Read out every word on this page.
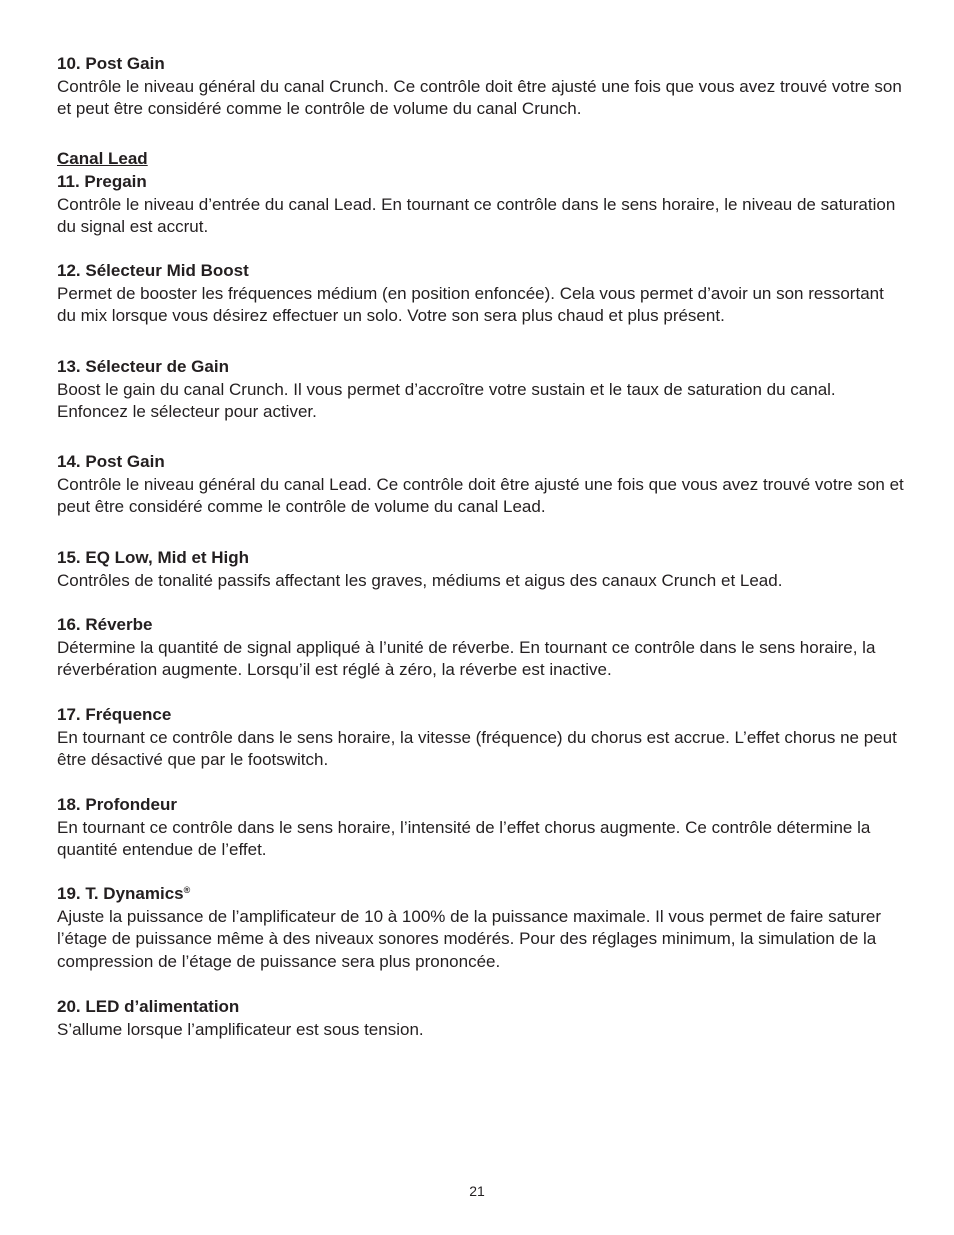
10. Post Gain

Contrôle le niveau général du canal Crunch. Ce contrôle doit être ajusté une fois que vous avez trouvé votre son et peut être considéré comme le contrôle de volume du canal Crunch.

Canal Lead

11. Pregain

Contrôle le niveau d’entrée du canal Lead. En tournant ce contrôle dans le sens horaire, le niveau de saturation du signal est accrut.

12. Sélecteur Mid Boost

Permet de booster les fréquences médium (en position enfoncée). Cela vous permet d’avoir un son ressortant du mix lorsque vous désirez effectuer un solo. Votre son sera plus chaud et plus présent.

13. Sélecteur de Gain

Boost le gain du canal Crunch. Il vous permet d’accroître votre sustain et le taux de saturation du canal. Enfoncez le sélecteur pour activer.

14. Post Gain

Contrôle le niveau général du canal Lead. Ce contrôle doit être ajusté une fois que vous avez trouvé votre son et peut être considéré comme le contrôle de volume du canal Lead.

15. EQ Low, Mid et High

Contrôles de tonalité passifs affectant les graves, médiums et aigus des canaux Crunch et Lead.

16. Réverbe

Détermine la quantité de signal appliqué à l’unité de réverbe. En tournant ce contrôle dans le sens horaire, la réverbération augmente. Lorsqu’il est réglé à zéro, la réverbe est inactive.

17. Fréquence

En tournant ce contrôle dans le sens horaire, la vitesse (fréquence) du chorus est accrue. L’effet chorus ne peut être désactivé que par le footswitch.

18. Profondeur

En tournant ce contrôle dans le sens horaire, l’intensité de l’effet chorus augmente. Ce contrôle détermine la quantité entendue de l’effet.

19. T. Dynamics®

Ajuste la puissance de l’amplificateur de 10 à 100% de la puissance maximale. Il vous permet de faire saturer l’étage de puissance même à des niveaux sonores modérés. Pour des réglages minimum, la simulation de la compression de l’étage de puissance sera plus prononcée.

20. LED d’alimentation

S’allume lorsque l’amplificateur est sous tension.

21
